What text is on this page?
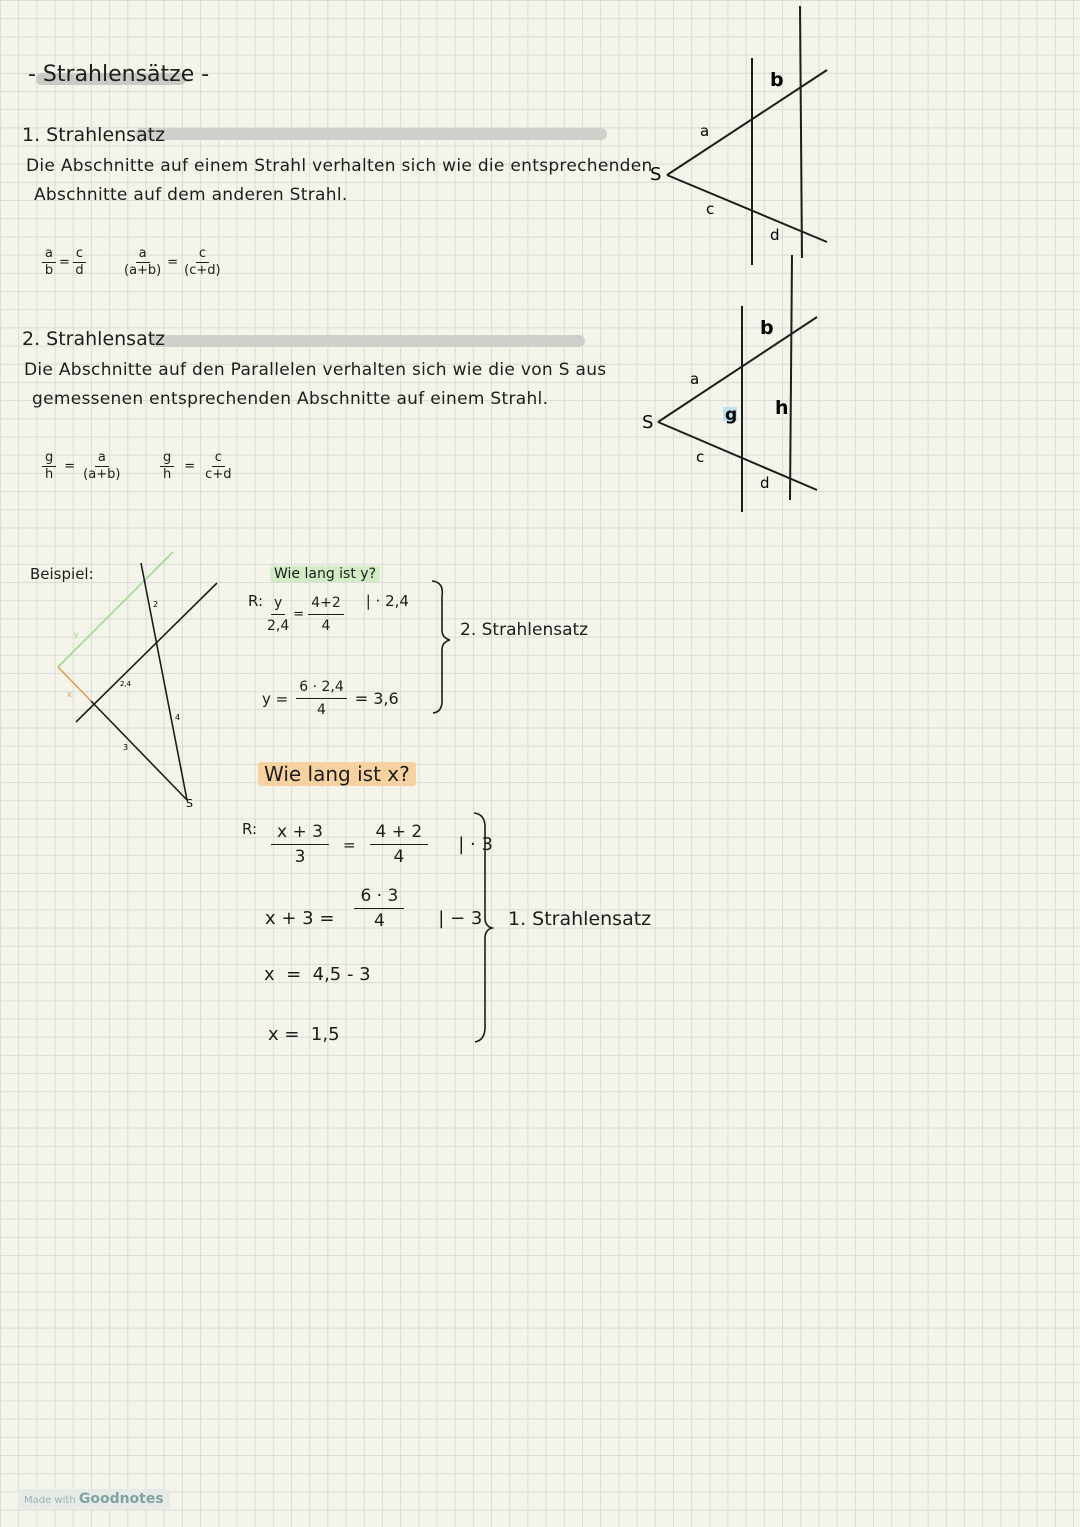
- Strahlensätze -
1. Strahlensatz
Die Abschnitte auf einem Strahl verhalten sich wie die entsprechenden
Abschnitte auf dem anderen Strahl.
$\frac{a}{b} = \frac{c}{d}$	$\frac{a}{(a+b)} = \frac{c}{(c+d)}$
2. Strahlensatz
Die Abschnitte auf den Parallelen verhalten sich wie die von S aus
gemessenen entsprechenden Abschnitte auf einem Strahl.
$\frac{g}{h} = \frac{a}{(a+b)}$	$\frac{g}{h} = \frac{c}{c+d}$
S
a
b
c
d
S
a
b
g h
c
d
Beispiel:
y
x
2
2,4
4
3
S
Wie lang ist y?
R: $\frac{y}{2,4} = \frac{4+2}{4}$ | · 2,4
$y = \frac{6 \cdot 2,4}{4} = 3,6$
2. Strahlensatz
Wie lang ist x?
R: $\frac{x + 3}{3} = \frac{4 + 2}{4}$ | · 3
$x + 3 = \frac{6 \cdot 3}{4}$ | − 3
x  =  4,5 - 3
x =  1,5
1. Strahlensatz
Made with Goodnotes
